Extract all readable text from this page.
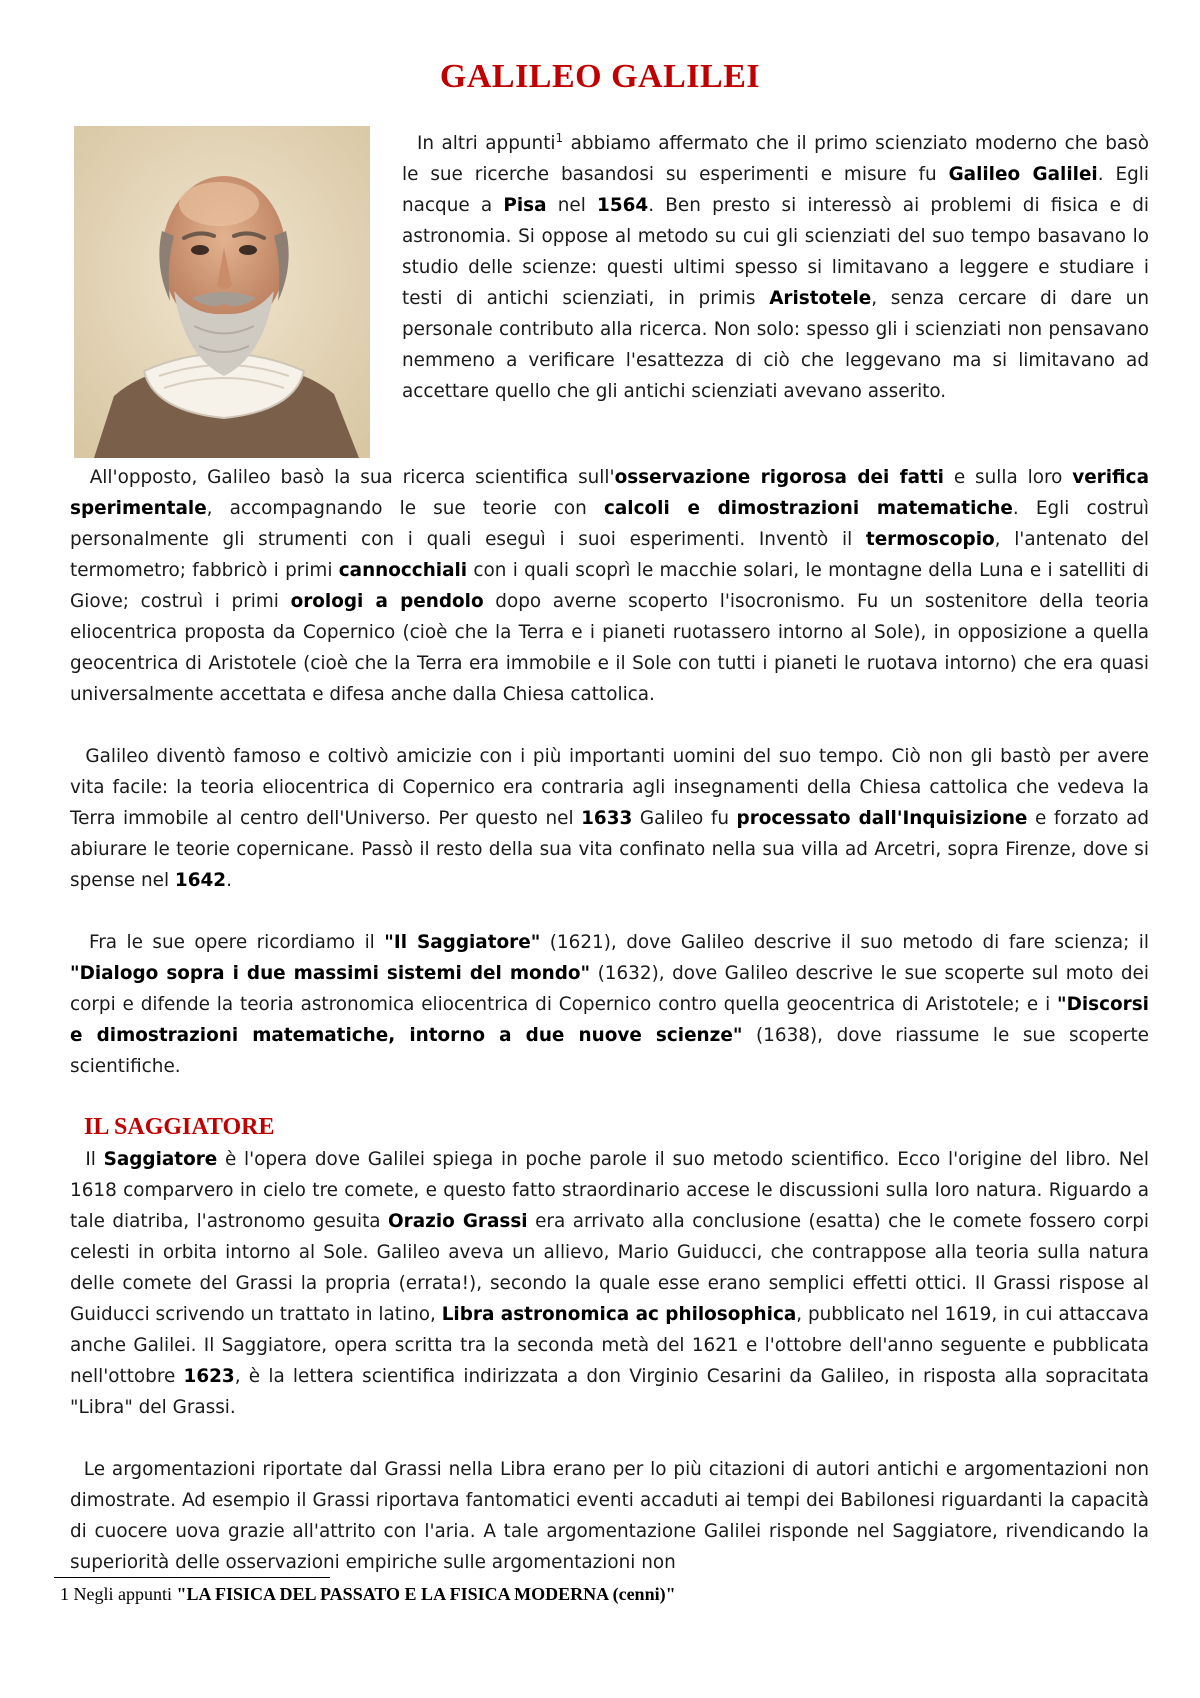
GALILEO GALILEI

In altri appunti$^1$ abbiamo affermato che il primo scienziato moderno che basò le sue ricerche basandosi su esperimenti e misure fu Galileo Galilei. Egli nacque a Pisa nel 1564. Ben presto si interessò ai problemi di fisica e di astronomia. Si oppose al metodo su cui gli scienziati del suo tempo basavano lo studio delle scienze: questi ultimi spesso si limitavano a leggere e studiare i testi di antichi scienziati, in primis Aristotele, senza cercare di dare un personale contributo alla ricerca. Non solo: spesso gli i scienziati non pensavano nemmeno a verificare l'esattezza di ciò che leggevano ma si limitavano ad accettare quello che gli antichi scienziati avevano asserito.

All'opposto, Galileo basò la sua ricerca scientifica sull'osservazione rigorosa dei fatti e sulla loro verifica sperimentale, accompagnando le sue teorie con calcoli e dimostrazioni matematiche. Egli costruì personalmente gli strumenti con i quali eseguì i suoi esperimenti. Inventò il termoscopio, l'antenato del termometro; fabbricò i primi cannocchiali con i quali scoprì le macchie solari, le montagne della Luna e i satelliti di Giove; costruì i primi orologi a pendolo dopo averne scoperto l'isocronismo. Fu un sostenitore della teoria eliocentrica proposta da Copernico (cioè che la Terra e i pianeti ruotassero intorno al Sole), in opposizione a quella geocentrica di Aristotele (cioè che la Terra era immobile e il Sole con tutti i pianeti le ruotava intorno) che era quasi universalmente accettata e difesa anche dalla Chiesa cattolica.

Galileo diventò famoso e coltivò amicizie con i più importanti uomini del suo tempo. Ciò non gli bastò per avere vita facile: la teoria eliocentrica di Copernico era contraria agli insegnamenti della Chiesa cattolica che vedeva la Terra immobile al centro dell'Universo. Per questo nel 1633 Galileo fu processato dall'Inquisizione e forzato ad abiurare le teorie copernicane. Passò il resto della sua vita confinato nella sua villa ad Arcetri, sopra Firenze, dove si spense nel 1642.

Fra le sue opere ricordiamo il "Il Saggiatore" (1621), dove Galileo descrive il suo metodo di fare scienza; il "Dialogo sopra i due massimi sistemi del mondo" (1632), dove Galileo descrive le sue scoperte sul moto dei corpi e difende la teoria astronomica eliocentrica di Copernico contro quella geocentrica di Aristotele; e i "Discorsi e dimostrazioni matematiche, intorno a due nuove scienze" (1638), dove riassume le sue scoperte scientifiche.

IL SAGGIATORE

Il Saggiatore è l'opera dove Galilei spiega in poche parole il suo metodo scientifico. Ecco l'origine del libro. Nel 1618 comparvero in cielo tre comete, e questo fatto straordinario accese le discussioni sulla loro natura. Riguardo a tale diatriba, l'astronomo gesuita Orazio Grassi era arrivato alla conclusione (esatta) che le comete fossero corpi celesti in orbita intorno al Sole. Galileo aveva un allievo, Mario Guiducci, che contrappose alla teoria sulla natura delle comete del Grassi la propria (errata!), secondo la quale esse erano semplici effetti ottici. Il Grassi rispose al Guiducci scrivendo un trattato in latino, Libra astronomica ac philosophica, pubblicato nel 1619, in cui attaccava anche Galilei. Il Saggiatore, opera scritta tra la seconda metà del 1621 e l'ottobre dell'anno seguente e pubblicata nell'ottobre 1623, è la lettera scientifica indirizzata a don Virginio Cesarini da Galileo, in risposta alla sopracitata "Libra" del Grassi.

Le argomentazioni riportate dal Grassi nella Libra erano per lo più citazioni di autori antichi e argomentazioni non dimostrate. Ad esempio il Grassi riportava fantomatici eventi accaduti ai tempi dei Babilonesi riguardanti la capacità di cuocere uova grazie all'attrito con l'aria. A tale argomentazione Galilei risponde nel Saggiatore, rivendicando la superiorità delle osservazioni empiriche sulle argomentazioni non

1 Negli appunti "LA FISICA DEL PASSATO E LA FISICA MODERNA (cenni)"
